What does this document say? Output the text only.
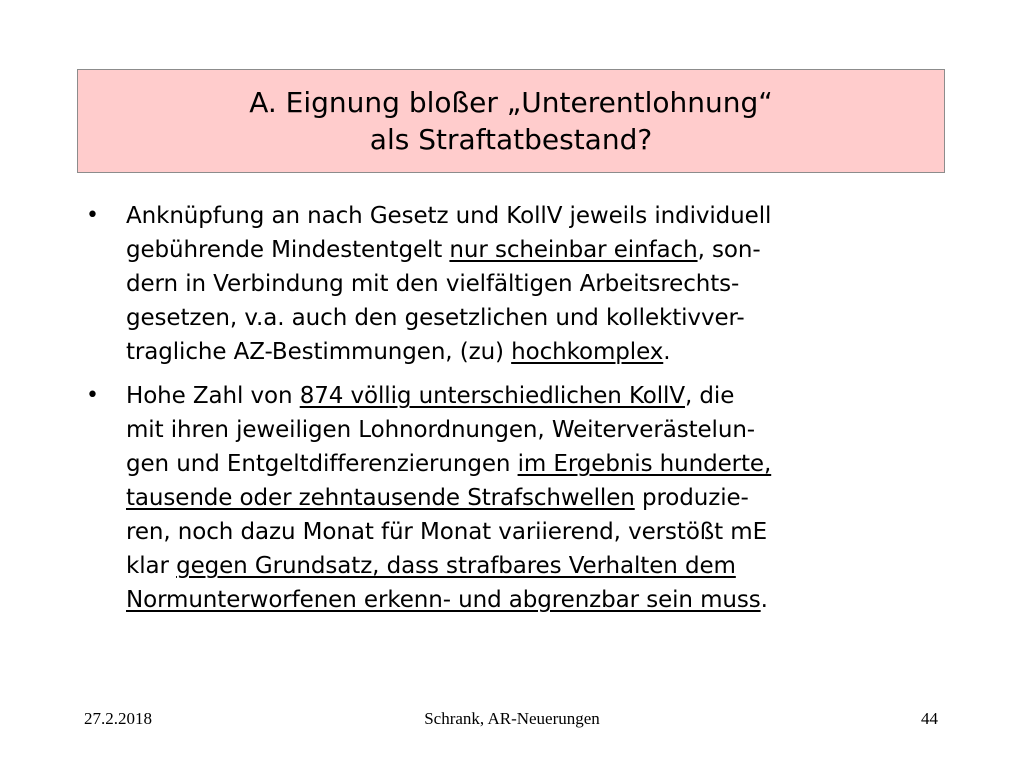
A. Eignung bloßer „Unterentlohnung“
als Straftatbestand?
• Anknüpfung an nach Gesetz und KollV jeweils individuell
gebührende Mindestentgelt nur scheinbar einfach, son-
dern in Verbindung mit den vielfältigen Arbeitsrechts-
gesetzen, v.a. auch den gesetzlichen und kollektivver-
tragliche AZ-Bestimmungen, (zu) hochkomplex.
• Hohe Zahl von 874 völlig unterschiedlichen KollV, die
mit ihren jeweiligen Lohnordnungen, Weiterverästelun-
gen und Entgeltdifferenzierungen im Ergebnis hunderte,
tausende oder zehntausende Strafschwellen produzie-
ren, noch dazu Monat für Monat variierend, verstößt mE
klar gegen Grundsatz, dass strafbares Verhalten dem
Normunterworfenen erkenn- und abgrenzbar sein muss.
27.2.2018	Schrank, AR-Neuerungen	44
